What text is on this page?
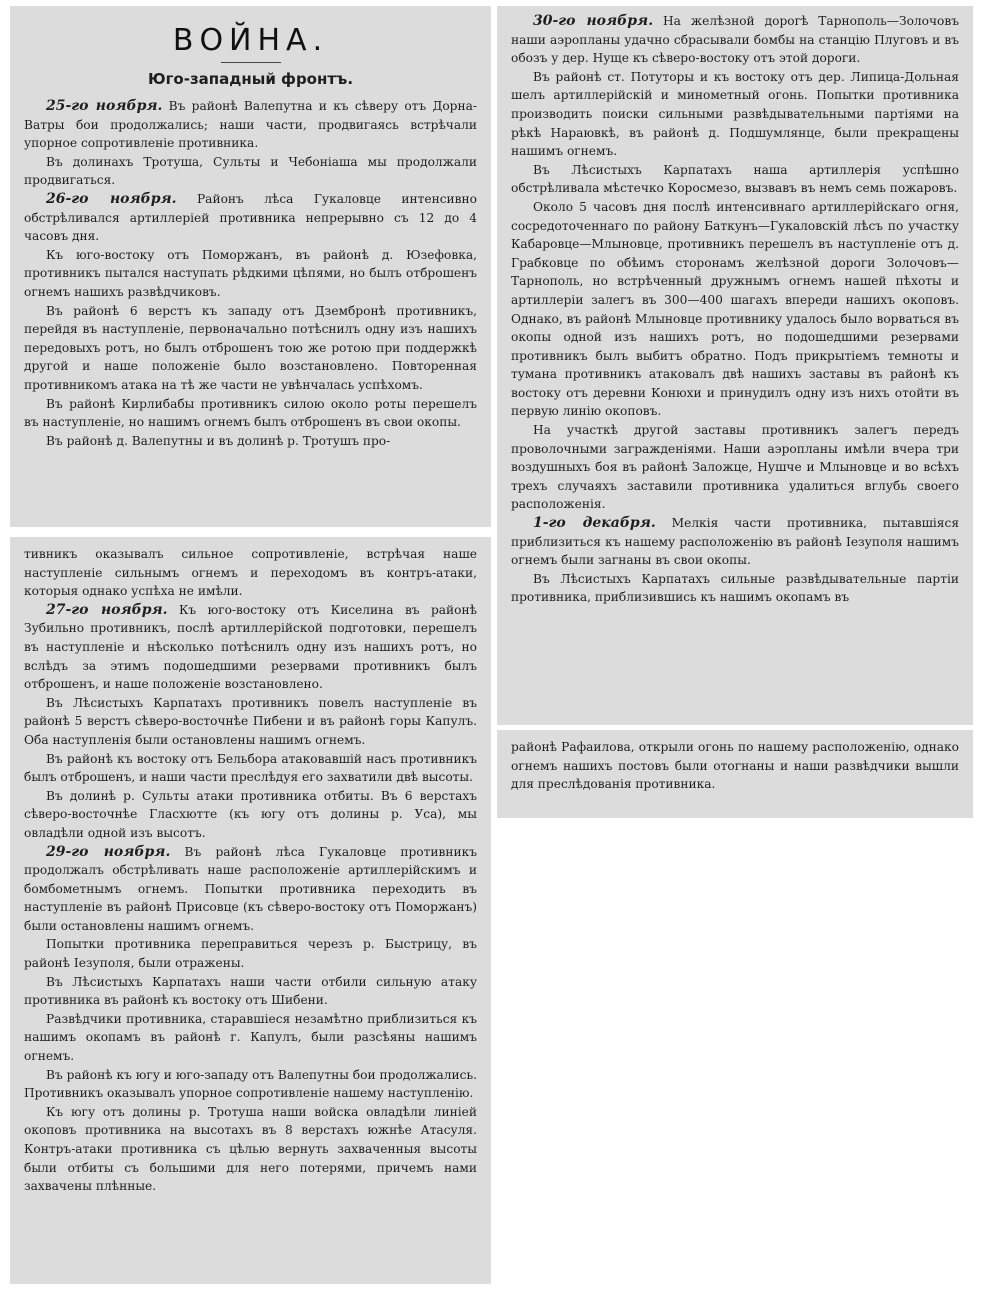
ВОЙНА.
Юго-западный фронтъ.

25-го ноября. Въ районѣ Валепутна и къ сѣверу отъ Дорна-Ватры бои продолжались; наши части, продвигаясь встрѣчали упорное сопротивленіе противника.

Въ долинахъ Тротуша, Сульты и Чебоніаша мы продолжали продвигаться.

26-го ноября. Районъ лѣса Гукаловце интенсивно обстрѣливался артиллеріей противника непрерывно съ 12 до 4 часовъ дня.

Къ юго-востоку отъ Поморжанъ, въ районѣ д. Юзефовка, противникъ пытался наступать рѣдкими цѣпями, но былъ отброшенъ огнемъ нашихъ развѣдчиковъ.

Въ районѣ 6 верстъ къ западу отъ Дзембронѣ противникъ, перейдя въ наступленіе, первоначально потѣснилъ одну изъ нашихъ передовыхъ ротъ, но былъ отброшенъ тою же ротою при поддержкѣ другой и наше положеніе было возстановлено. Повторенная противникомъ атака на тѣ же части не увѣнчалась успѣхомъ.

Въ районѣ Кирлибабы противникъ силою около роты перешелъ въ наступленіе, но нашимъ огнемъ былъ отброшенъ въ свои окопы.

Въ районѣ д. Валепутны и въ долинѣ р. Тротушъ про-

тивникъ оказывалъ сильное сопротивленіе, встрѣчая наше наступленіе сильнымъ огнемъ и переходомъ въ контръ-атаки, которыя однако успѣха не имѣли.

27-го ноября. Къ юго-востоку отъ Киселина въ районѣ Зубильно противникъ, послѣ артиллерійской подготовки, перешелъ въ наступленіе и нѣсколько потѣснилъ одну изъ нашихъ ротъ, но вслѣдъ за этимъ подошедшими резервами противникъ былъ отброшенъ, и наше положеніе возстановлено.

Въ Лѣсистыхъ Карпатахъ противникъ повелъ наступленіе въ районѣ 5 верстъ сѣверо-восточнѣе Пибени и въ районѣ горы Капулъ. Оба наступленія были остановлены нашимъ огнемъ.

Въ районѣ къ востоку отъ Бельбора атаковавшій насъ противникъ былъ отброшенъ, и наши части преслѣдуя его захватили двѣ высоты.

Въ долинѣ р. Сульты атаки противника отбиты. Въ 6 верстахъ сѣверо-восточнѣе Гласхютте (къ югу отъ долины р. Уса), мы овладѣли одной изъ высотъ.

29-го ноября. Въ районѣ лѣса Гукаловце противникъ продолжалъ обстрѣливать наше расположеніе артиллерійскимъ и бомбометнымъ огнемъ. Попытки противника переходить въ наступленіе въ районѣ Присовце (къ сѣверо-востоку отъ Поморжанъ) были остановлены нашимъ огнемъ.

Попытки противника переправиться черезъ р. Быстрицу, въ районѣ Іезуполя, были отражены.

Въ Лѣсистыхъ Карпатахъ наши части отбили сильную атаку противника въ районѣ къ востоку отъ Шибени.

Развѣдчики противника, старавшіеся незамѣтно приблизиться къ нашимъ окопамъ въ районѣ г. Капулъ, были разсѣяны нашимъ огнемъ.

Въ районѣ къ югу и юго-западу отъ Валепутны бои продолжались. Противникъ оказывалъ упорное сопротивленіе нашему наступленію.

Къ югу отъ долины р. Тротуша наши войска овладѣли линіей окоповъ противника на высотахъ въ 8 верстахъ южнѣе Атасуля. Контръ-атаки противника съ цѣлью вернуть захваченныя высоты были отбиты съ большими для него потерями, причемъ нами захвачены плѣнные.

30-го ноября. На желѣзной дорогѣ Тарнополь—Золочовъ наши аэропланы удачно сбрасывали бомбы на станцію Плуговъ и въ обозъ у дер. Нуще къ сѣверо-востоку отъ этой дороги.

Въ районѣ ст. Потуторы и къ востоку отъ дер. Липица-Дольная шелъ артиллерійскій и минометный огонь. Попытки противника производить поиски сильными развѣдывательными партіями на рѣкѣ Нараювкѣ, въ районѣ д. Подшумлянце, были прекращены нашимъ огнемъ.

Въ Лѣсистыхъ Карпатахъ наша артиллерія успѣшно обстрѣливала мѣстечко Коросмезо, вызвавъ въ немъ семь пожаровъ.

Около 5 часовъ дня послѣ интенсивнаго артиллерійскаго огня, сосредоточеннаго по району Баткунъ—Гукаловскій лѣсъ по участку Кабаровце—Млыновце, противникъ перешелъ въ наступленіе отъ д. Грабковце по обѣимъ сторонамъ желѣзной дороги Золочовъ—Тарнополь, но встрѣченный дружнымъ огнемъ нашей пѣхоты и артиллеріи залегъ въ 300—400 шагахъ впереди нашихъ окоповъ. Однако, въ районѣ Млыновце противнику удалось было ворваться въ окопы одной изъ нашихъ ротъ, но подошедшими резервами противникъ былъ выбитъ обратно. Подъ прикрытіемъ темноты и тумана противникъ атаковалъ двѣ нашихъ заставы въ районѣ къ востоку отъ деревни Конюхи и принудилъ одну изъ нихъ отойти въ первую линію окоповъ.

На участкѣ другой заставы противникъ залегъ передъ проволочными загражденіями. Наши аэропланы имѣли вчера три воздушныхъ боя въ районѣ Заложце, Нушче и Млыновце и во всѣхъ трехъ случаяхъ заставили противника удалиться вглубь своего расположенія.

1-го декабря. Мелкія части противника, пытавшіяся приблизиться къ нашему расположенію въ районѣ Іезуполя нашимъ огнемъ были загнаны въ свои окопы.

Въ Лѣсистыхъ Карпатахъ сильные развѣдывательные партіи противника, приблизившись къ нашимъ окопамъ въ

районѣ Рафаилова, открыли огонь по нашему расположенію, однако огнемъ нашихъ постовъ были отогнаны и наши развѣдчики вышли для преслѣдованія противника.
